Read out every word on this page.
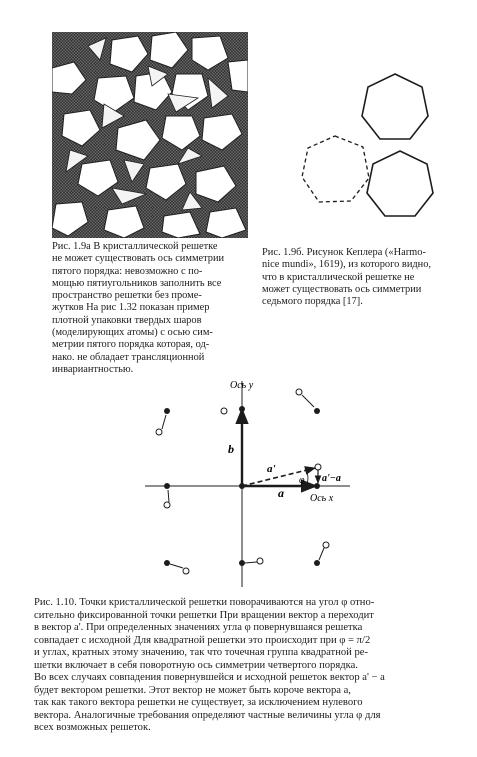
Рис. 1.9а В кристаллической решетке
не может существовать ось симметрии
пятого порядка: невозможно с по-
мощью пятиугольников заполнить все
пространство решетки без проме-
жутков На рис 1.32 показан пример
плотной упаковки твердых шаров
(моделирующих атомы) с осью сим-
метрии пятого порядка которая, од-
нако. не обладает трансляционной
инвариантностью.
Рис. 1.9б. Рисунок Кеплера («Harmo-
nice mundi», 1619), из которого видно,
что в кристаллической решетке не
может существовать ось симметрии
седьмого порядка [17].
Ось y
Ось x
b
a
a'
a'−a
φ
Рис. 1.10. Точки кристаллической решетки поворачиваются на угол φ отно-
сительно фиксированной точки решетки При вращении вектор a переходит
в вектор a'. При определенных значениях угла φ повернувшаяся решетка
совпадает с исходной Для квадратной решетки это происходит при φ = π/2
и углах, кратных этому значению, так что точечная группа квадратной ре-
шетки включает в себя поворотную ось симметрии четвертого порядка.
Во всех случаях совпадения повернувшейся и исходной решеток вектор a' − a
будет вектором решетки. Этот вектор не может быть короче вектора a,
так как такого вектора решетки не существует, за исключением нулевого
вектора. Аналогичные требования определяют частные величины угла φ для
всех возможных решеток.
